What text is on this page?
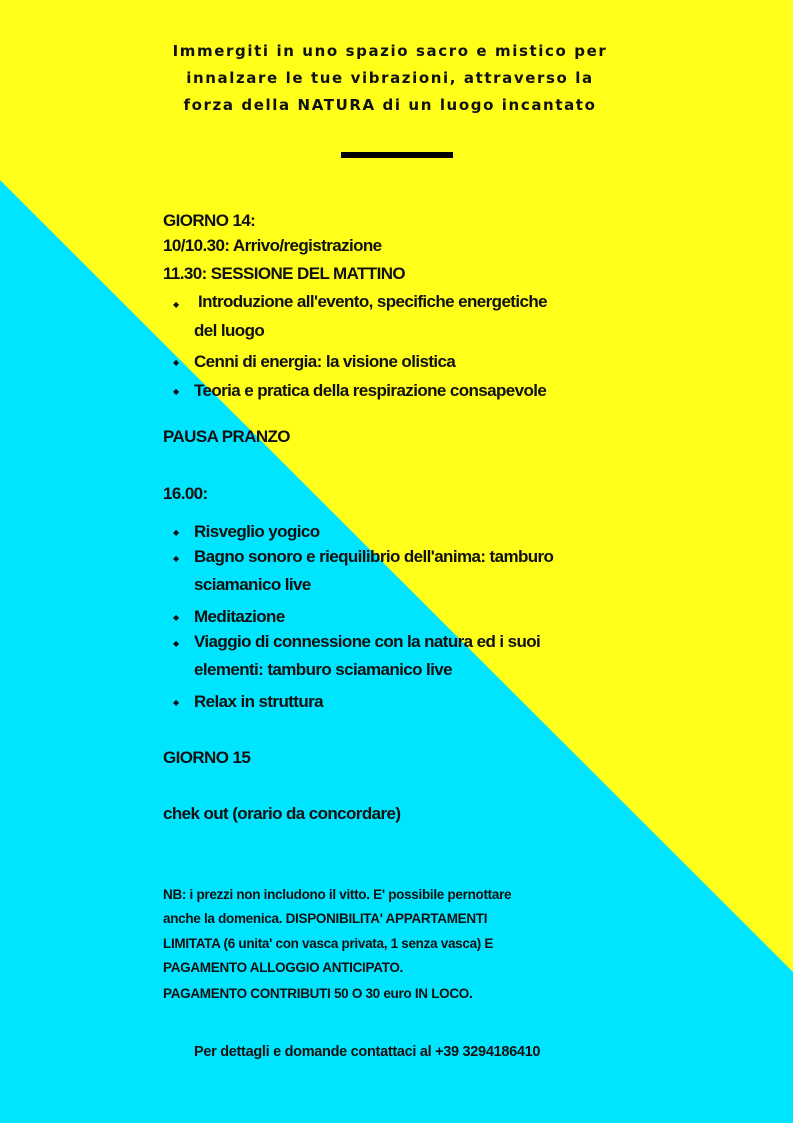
Immergiti in uno spazio sacro e mistico per
innalzare le tue vibrazioni, attraverso la
forza della NATURA di un luogo incantato
GIORNO 14:
10/10.30: Arrivo/registrazione
11.30: SESSIONE DEL MATTINO
◆ Introduzione all'evento, specifiche energetiche
del luogo
◆ Cenni di energia: la visione olistica
◆ Teoria e pratica della respirazione consapevole
PAUSA PRANZO
16.00:
◆ Risveglio yogico
◆ Bagno sonoro e riequilibrio dell'anima: tamburo
sciamanico live
◆ Meditazione
◆ Viaggio di connessione con la natura ed i suoi
elementi: tamburo sciamanico live
◆ Relax in struttura
GIORNO 15
chek out (orario da concordare)
NB: i prezzi non includono il vitto. E' possibile pernottare
anche la domenica. DISPONIBILITA' APPARTAMENTI
LIMITATA (6 unita' con vasca privata, 1 senza vasca) E
PAGAMENTO ALLOGGIO ANTICIPATO.
PAGAMENTO CONTRIBUTI 50 O 30 euro IN LOCO.
Per dettagli e domande contattaci al +39 3294186410
